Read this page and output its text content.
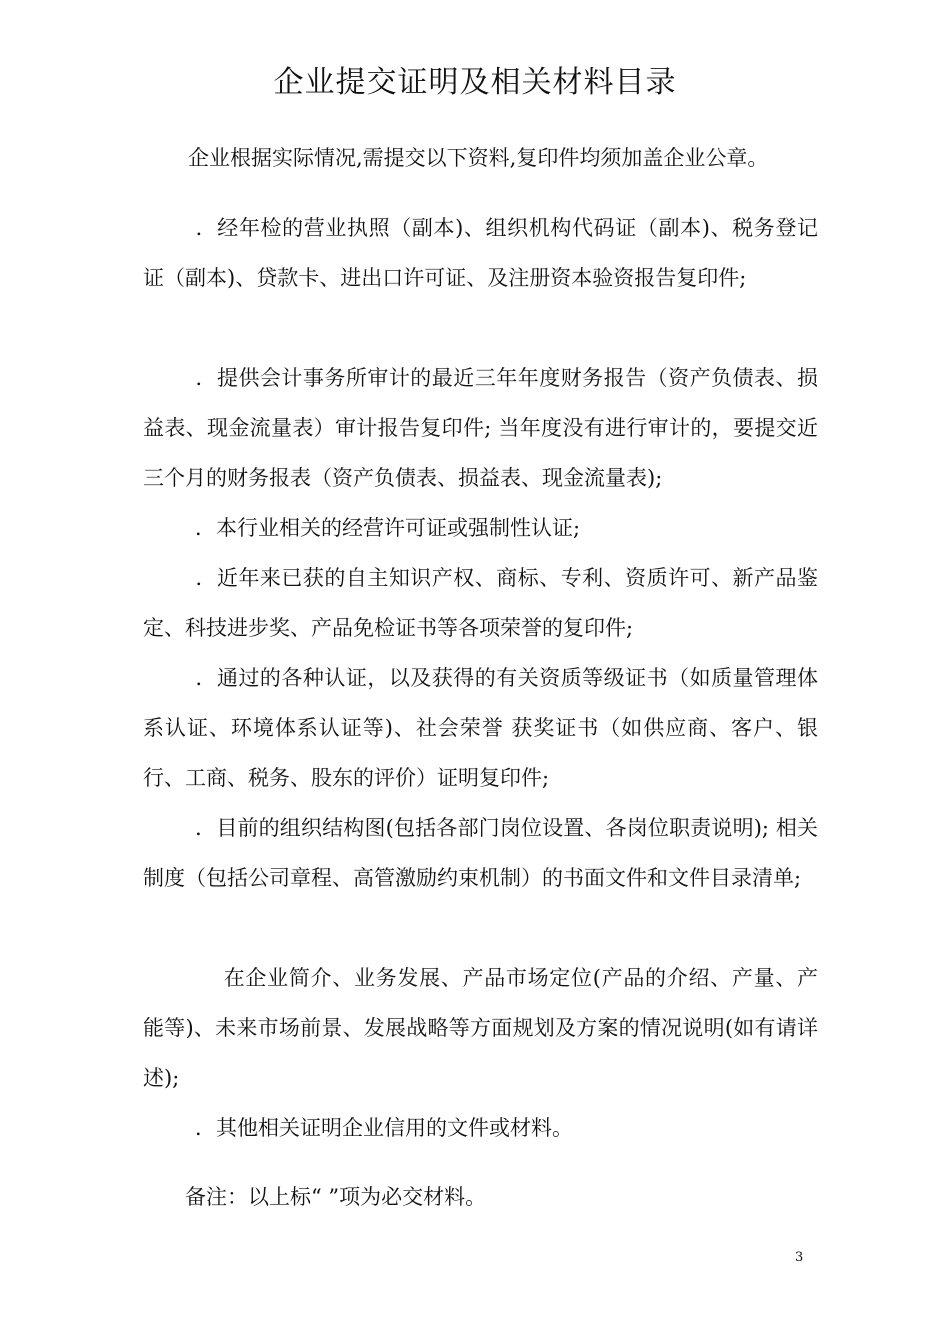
企业提交证明及相关材料目录
企业根据实际情况,需提交以下资料,复印件均须加盖企业公章。
．经年检的营业执照（副本)、组织机构代码证（副本)、税务登记证（副本)、贷款卡、进出口许可证、及注册资本验资报告复印件;
．提供会计事务所审计的最近三年年度财务报告（资产负债表、损益表、现金流量表）审计报告复印件; 当年度没有进行审计的，要提交近三个月的财务报表（资产负债表、损益表、现金流量表);
．本行业相关的经营许可证或强制性认证;
．近年来已获的自主知识产权、商标、专利、资质许可、新产品鉴定、科技进步奖、产品免检证书等各项荣誉的复印件;
．通过的各种认证，以及获得的有关资质等级证书（如质量管理体系认证、环境体系认证等)、社会荣誉 获奖证书（如供应商、客户、银行、工商、税务、股东的评价）证明复印件;
．目前的组织结构图(包括各部门岗位设置、各岗位职责说明); 相关制度（包括公司章程、高管激励约束机制）的书面文件和文件目录清单;
在企业简介、业务发展、产品市场定位(产品的介绍、产量、产能等)、未来市场前景、发展战略等方面规划及方案的情况说明(如有请详述);
．其他相关证明企业信用的文件或材料。
备注：以上标“ ”项为必交材料。
3
